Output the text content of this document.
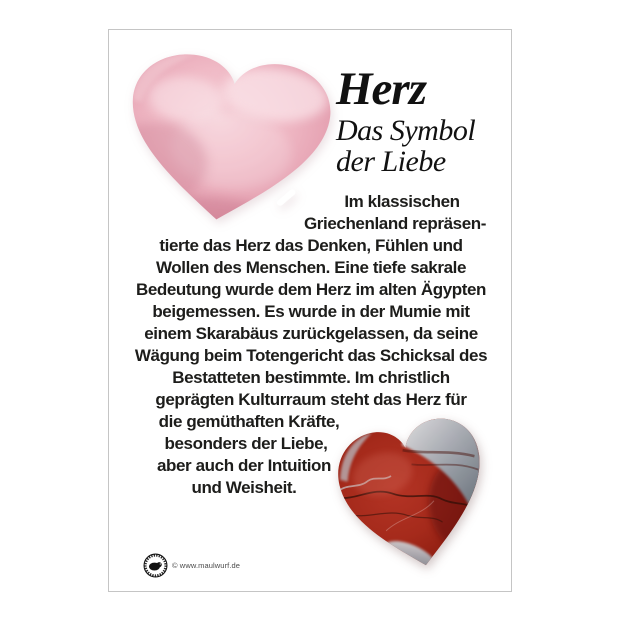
Herz
Das Symbol
der Liebe
Im klassischen
Griechenland repräsen-
tierte das Herz das Denken, Fühlen und
Wollen des Menschen. Eine tiefe sakrale
Bedeutung wurde dem Herz im alten Ägypten
beigemessen. Es wurde in der Mumie mit
einem Skarabäus zurückgelassen, da seine
Wägung beim Totengericht das Schicksal des
Bestatteten bestimmte. Im christlich
geprägten Kulturraum steht das Herz für
die gemüthaften Kräfte,
besonders der Liebe,
aber auch der Intuition
und Weisheit.
© www.maulwurf.de
